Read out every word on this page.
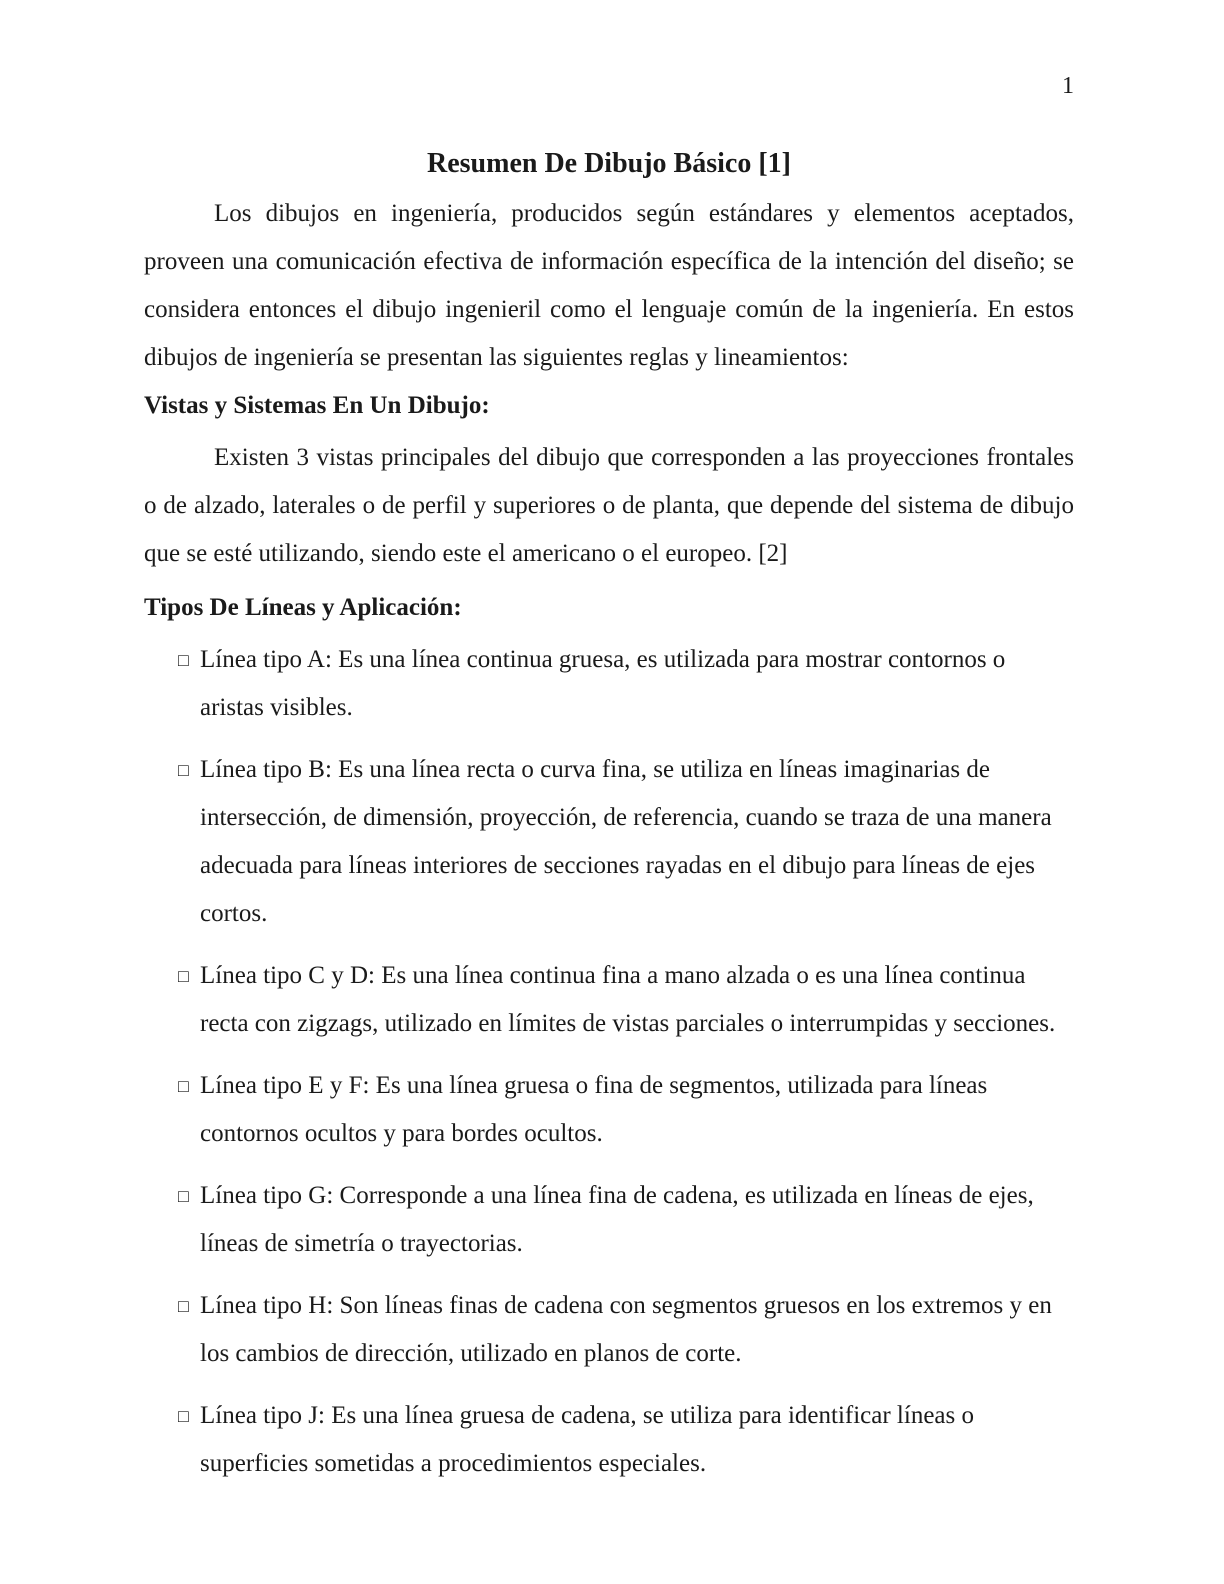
1
Resumen De Dibujo Básico [1]

Los dibujos en ingeniería, producidos según estándares y elementos aceptados, proveen una comunicación efectiva de información específica de la intención del diseño; se considera entonces el dibujo ingenieril como el lenguaje común de la ingeniería. En estos dibujos de ingeniería se presentan las siguientes reglas y lineamientos:

Vistas y Sistemas En Un Dibujo:

Existen 3 vistas principales del dibujo que corresponden a las proyecciones frontales o de alzado, laterales o de perfil y superiores o de planta, que depende del sistema de dibujo que se esté utilizando, siendo este el americano o el europeo. [2]

Tipos De Líneas y Aplicación:
□ Línea tipo A: Es una línea continua gruesa, es utilizada para mostrar contornos o aristas visibles.
□ Línea tipo B: Es una línea recta o curva fina, se utiliza en líneas imaginarias de intersección, de dimensión, proyección, de referencia, cuando se traza de una manera adecuada para líneas interiores de secciones rayadas en el dibujo para líneas de ejes cortos.
□ Línea tipo C y D: Es una línea continua fina a mano alzada o es una línea continua recta con zigzags, utilizado en límites de vistas parciales o interrumpidas y secciones.
□ Línea tipo E y F: Es una línea gruesa o fina de segmentos, utilizada para líneas contornos ocultos y para bordes ocultos.
□ Línea tipo G: Corresponde a una línea fina de cadena, es utilizada en líneas de ejes, líneas de simetría o trayectorias.
□ Línea tipo H: Son líneas finas de cadena con segmentos gruesos en los extremos y en los cambios de dirección, utilizado en planos de corte.
□ Línea tipo J: Es una línea gruesa de cadena, se utiliza para identificar líneas o superficies sometidas a procedimientos especiales.
